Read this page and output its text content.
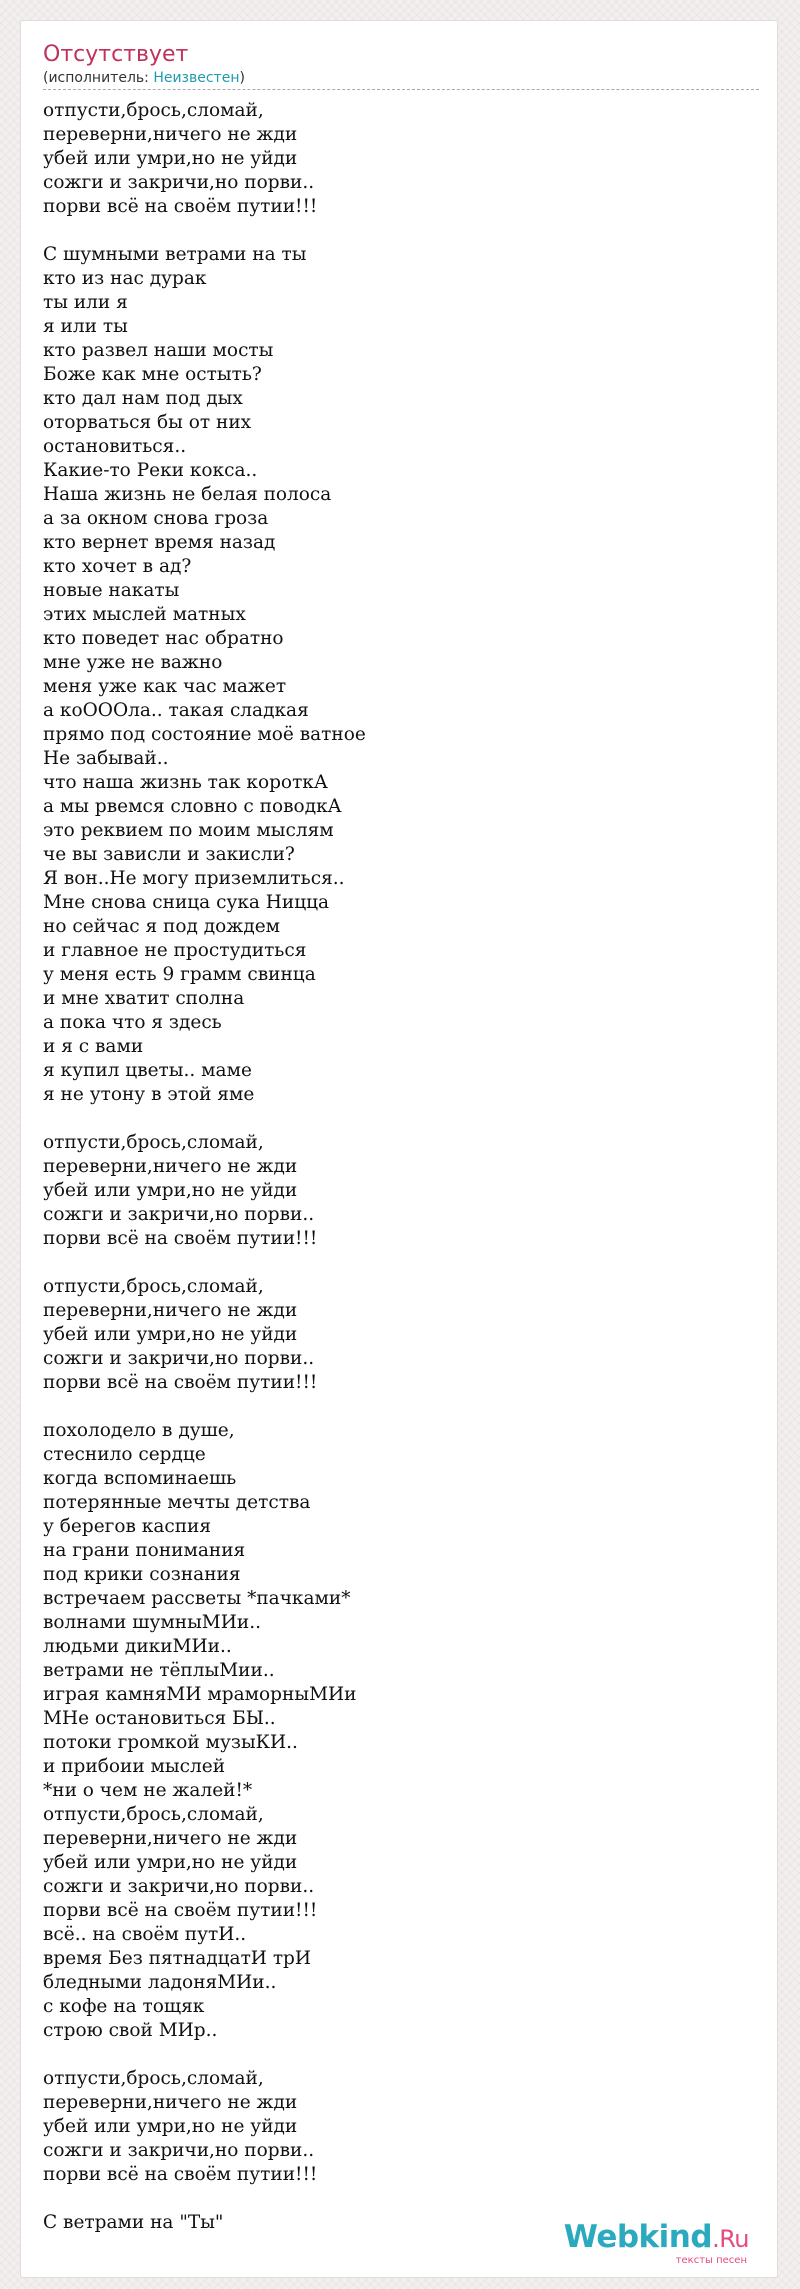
Отсутствует
(исполнитель: Неизвестен)
отпусти,брось,сломай,
переверни,ничего не жди
убей или умри,но не уйди
сожги и закричи,но порви..
порви всё на своём путии!!!
С шумными ветрами на ты
кто из нас дурак
ты или я
я или ты
кто развел наши мосты
Боже как мне остыть?
кто дал нам под дых
оторваться бы от них
остановиться..
Какие-то Реки кокса..
Наша жизнь не белая полоса
а за окном снова гроза
кто вернет время назад
кто хочет в ад?
новые накаты
этих мыслей матных
кто поведет нас обратно
мне уже не важно
меня уже как час мажет
а коОООла.. такая сладкая
прямо под состояние моё ватное
Не забывай..
что наша жизнь так короткА
а мы рвемся словно с поводкА
это реквием по моим мыслям
че вы зависли и закисли?
Я вон..Не могу приземлиться..
Мне снова сница сука Ницца
но сейчас я под дождем
и главное не простудиться
у меня есть 9 грамм свинца
и мне хватит сполна
а пока что я здесь
и я с вами
я купил цветы.. маме
я не утону в этой яме
отпусти,брось,сломай,
переверни,ничего не жди
убей или умри,но не уйди
сожги и закричи,но порви..
порви всё на своём путии!!!
отпусти,брось,сломай,
переверни,ничего не жди
убей или умри,но не уйди
сожги и закричи,но порви..
порви всё на своём путии!!!
похолодело в душе,
стеснило сердце
когда вспоминаешь
потерянные мечты детства
у берегов каспия
на грани понимания
под крики сознания
встречаем рассветы *пачками*
волнами шумныМИи..
людьми дикиМИи..
ветрами не тёплыМии..
играя камняМИ мраморныМИи
МНе остановиться БЫ..
потоки громкой музыКИ..
и прибоии мыслей
*ни о чем не жалей!*
отпусти,брось,сломай,
переверни,ничего не жди
убей или умри,но не уйди
сожги и закричи,но порви..
порви всё на своём путии!!!
всё.. на своём путИ..
время Без пятнадцатИ трИ
бледными ладоняМИи..
с кофе на тощяк
строю свой МИр..
отпусти,брось,сломай,
переверни,ничего не жди
убей или умри,но не уйди
сожги и закричи,но порви..
порви всё на своём путии!!!
С ветрами на "Ты"	Webkind.Ru
тексты песен
